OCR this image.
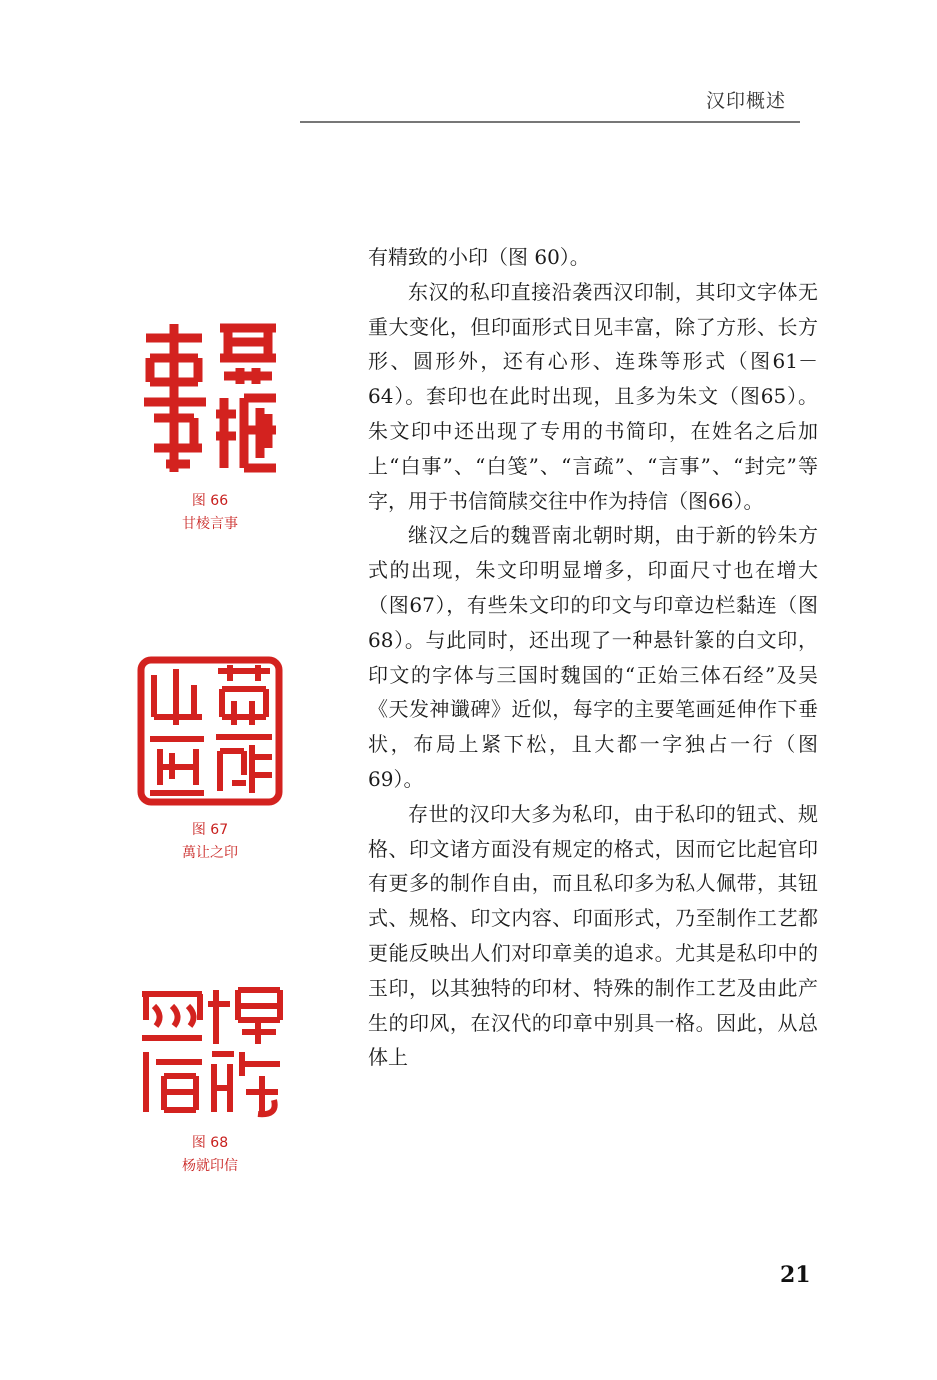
汉印概述
图 66
甘棱言事
图 67
萬让之印
图 68
杨就印信

有精致的小印（图 60）。

东汉的私印直接沿袭西汉印制，其印文字体无重大变化，但印面形式日见丰富，除了方形、长方形、圆形外，还有心形、连珠等形式（图61－64）。套印也在此时出现，且多为朱文（图65）。朱文印中还出现了专用的书简印，在姓名之后加上“白事”、“白笺”、“言疏”、“言事”、“封完”等字，用于书信简牍交往中作为持信（图66）。

继汉之后的魏晋南北朝时期，由于新的钤朱方式的出现，朱文印明显增多，印面尺寸也在增大（图67），有些朱文印的印文与印章边栏黏连（图68）。与此同时，还出现了一种悬针篆的白文印，印文的字体与三国时魏国的“正始三体石经”及吴《天发神谶碑》近似，每字的主要笔画延伸作下垂状，布局上紧下松，且大都一字独占一行（图69）。

存世的汉印大多为私印，由于私印的钮式、规格、印文诸方面没有规定的格式，因而它比起官印有更多的制作自由，而且私印多为私人佩带，其钮式、规格、印文内容、印面形式，乃至制作工艺都更能反映出人们对印章美的追求。尤其是私印中的玉印，以其独特的印材、特殊的制作工艺及由此产生的印风，在汉代的印章中别具一格。因此，从总体上

21
